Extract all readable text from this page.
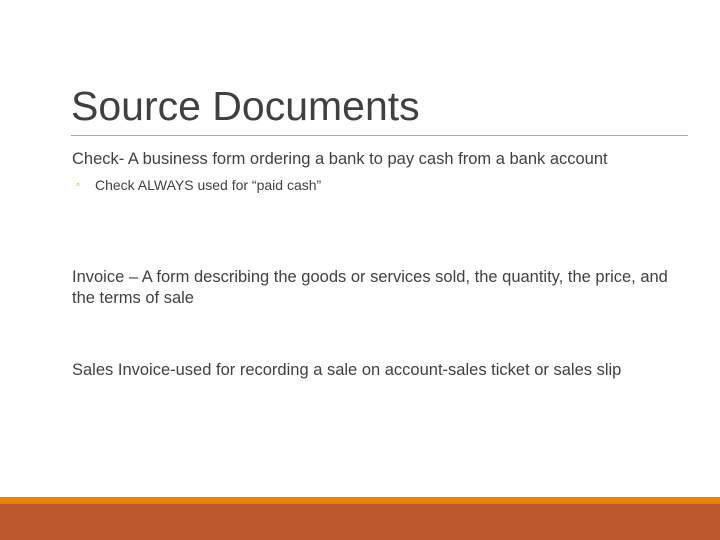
Source Documents

Check- A business form ordering a bank to pay cash from a bank account

◦ Check ALWAYS used for “paid cash”

Invoice – A form describing the goods or services sold, the quantity, the price, and the terms of sale

Sales Invoice-used for recording a sale on account-sales ticket or sales slip
